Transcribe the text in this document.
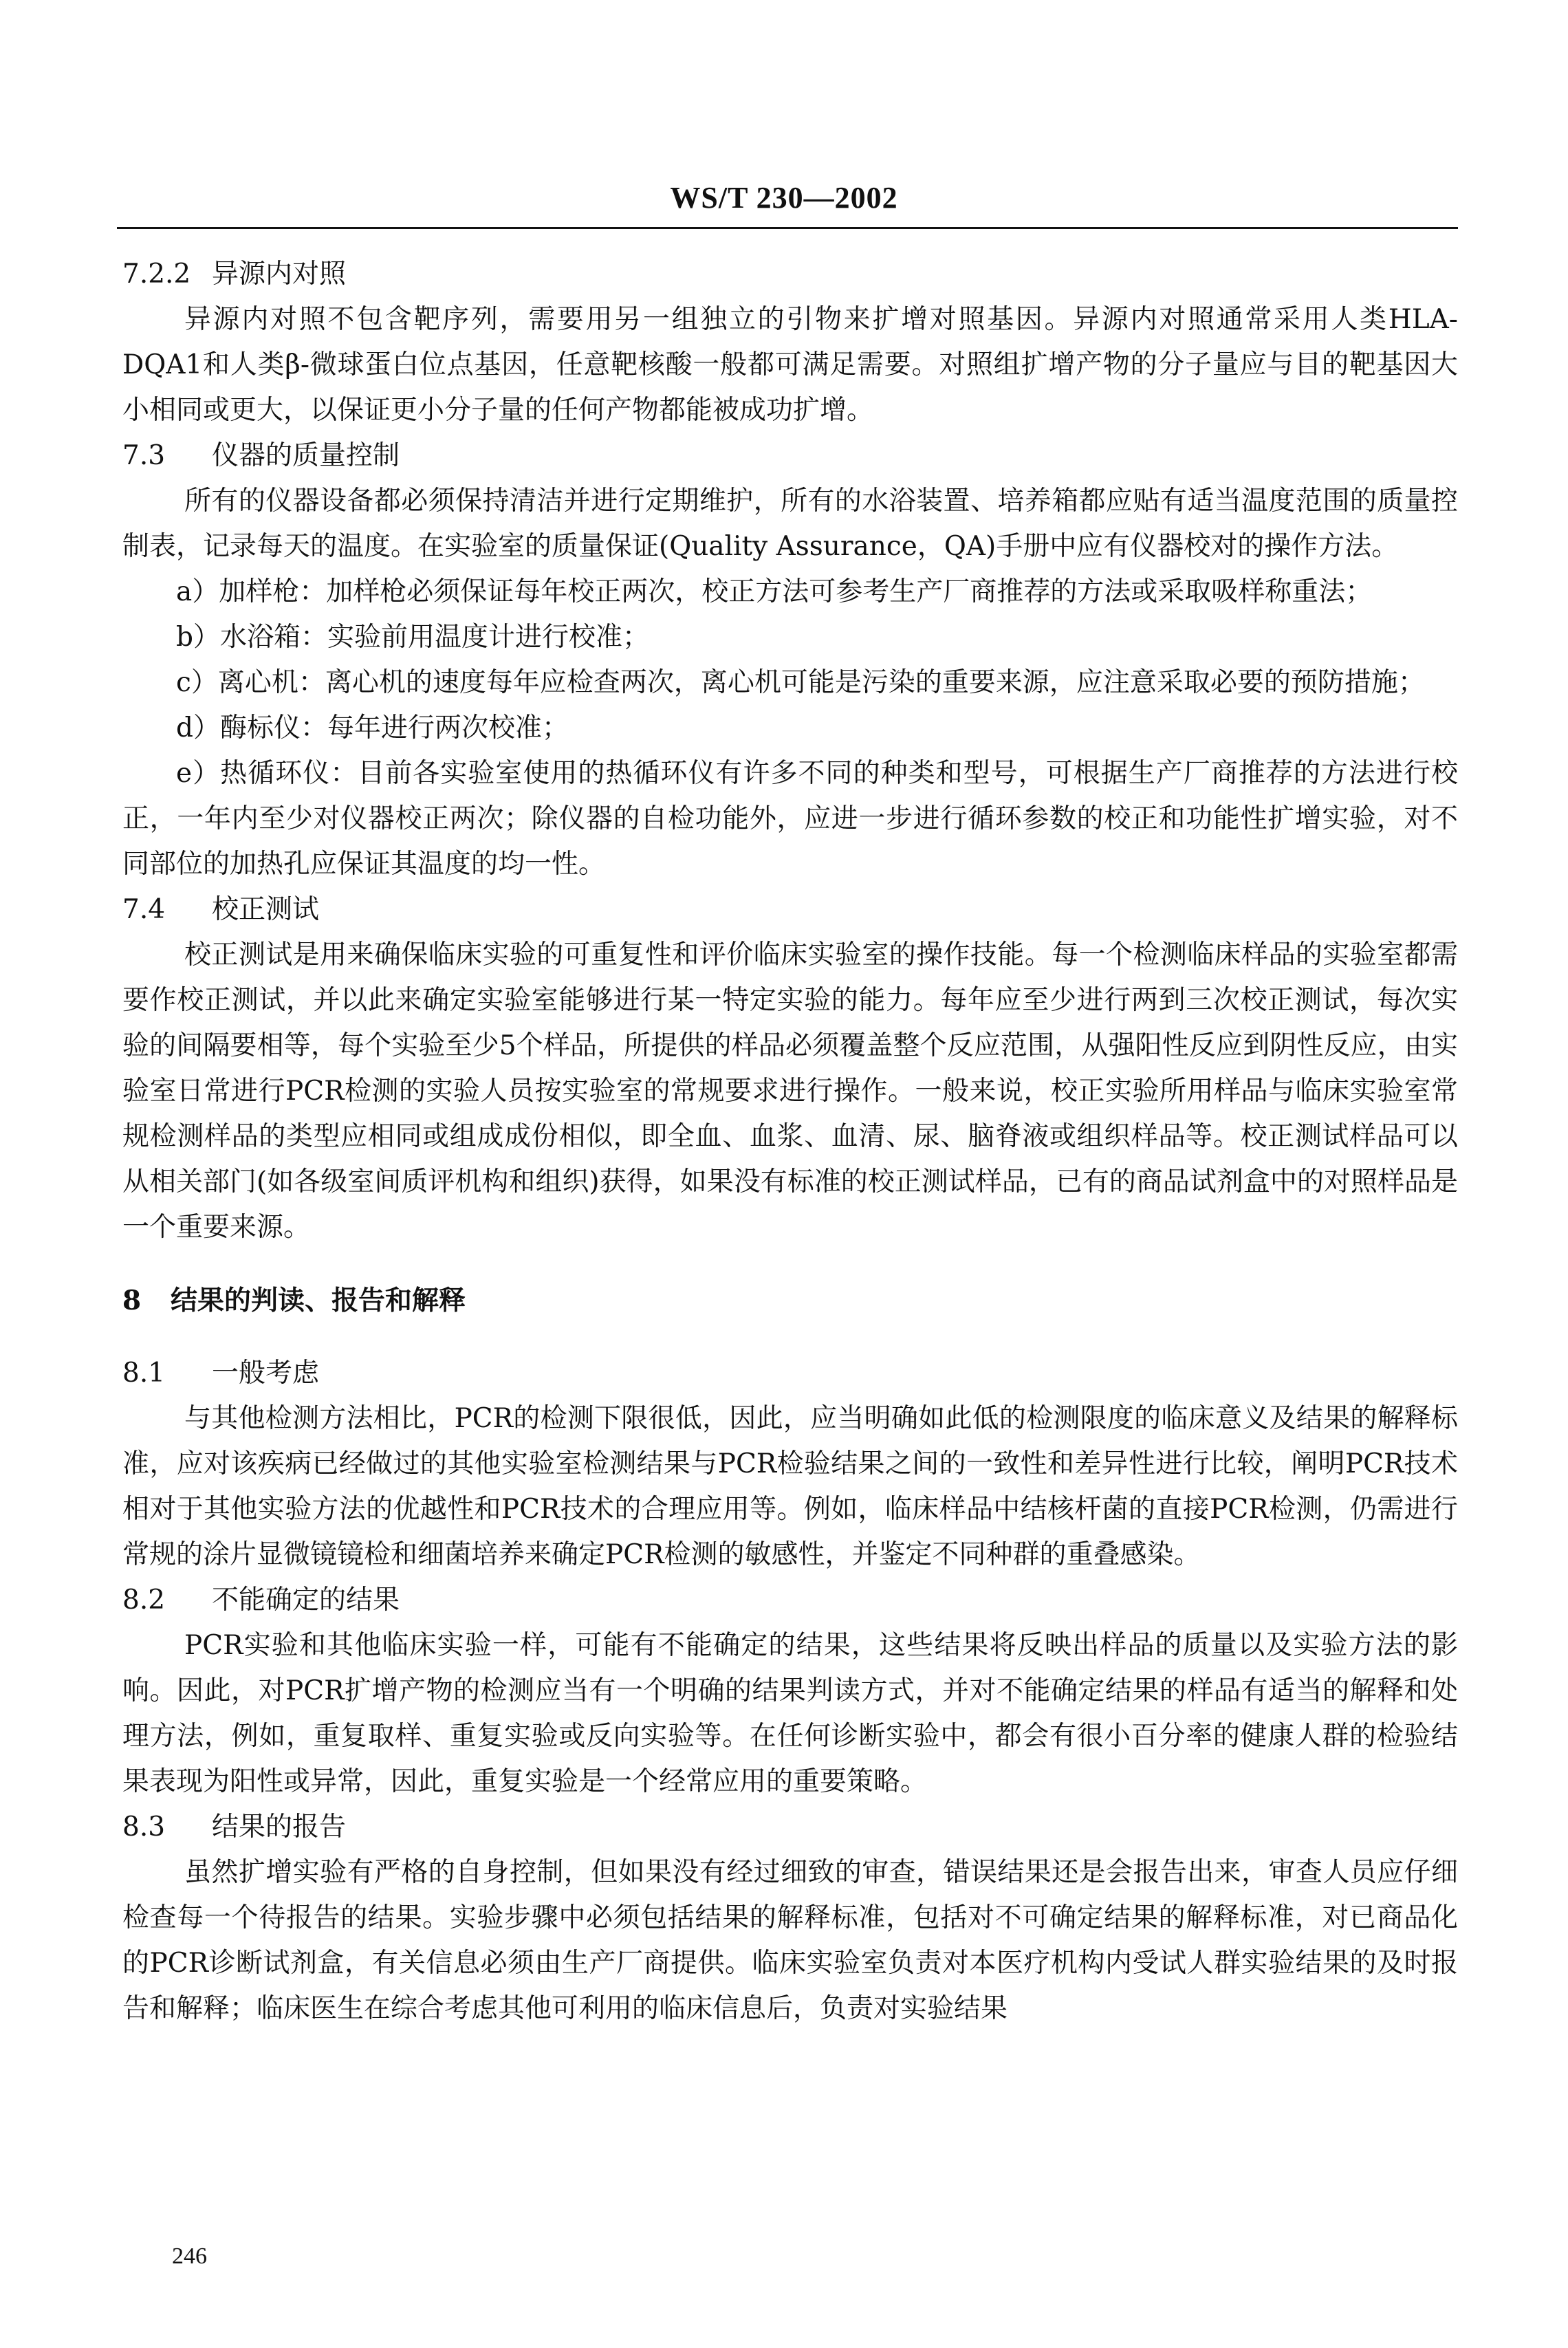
WS/T 230—2002
7.2.2 异源内对照

异源内对照不包含靶序列，需要用另一组独立的引物来扩增对照基因。异源内对照通常采用人类HLA-DQA1和人类β-微球蛋白位点基因，任意靶核酸一般都可满足需要。对照组扩增产物的分子量应与目的靶基因大小相同或更大，以保证更小分子量的任何产物都能被成功扩增。

7.3 仪器的质量控制

所有的仪器设备都必须保持清洁并进行定期维护，所有的水浴装置、培养箱都应贴有适当温度范围的质量控制表，记录每天的温度。在实验室的质量保证(Quality Assurance，QA)手册中应有仪器校对的操作方法。

a）加样枪：加样枪必须保证每年校正两次，校正方法可参考生产厂商推荐的方法或采取吸样称重法；

b）水浴箱：实验前用温度计进行校准；

c）离心机：离心机的速度每年应检查两次，离心机可能是污染的重要来源，应注意采取必要的预防措施；

d）酶标仪：每年进行两次校准；

e）热循环仪：目前各实验室使用的热循环仪有许多不同的种类和型号，可根据生产厂商推荐的方法进行校正，一年内至少对仪器校正两次；除仪器的自检功能外，应进一步进行循环参数的校正和功能性扩增实验，对不同部位的加热孔应保证其温度的均一性。

7.4 校正测试

校正测试是用来确保临床实验的可重复性和评价临床实验室的操作技能。每一个检测临床样品的实验室都需要作校正测试，并以此来确定实验室能够进行某一特定实验的能力。每年应至少进行两到三次校正测试，每次实验的间隔要相等，每个实验至少5个样品，所提供的样品必须覆盖整个反应范围，从强阳性反应到阴性反应，由实验室日常进行PCR检测的实验人员按实验室的常规要求进行操作。一般来说，校正实验所用样品与临床实验室常规检测样品的类型应相同或组成成份相似，即全血、血浆、血清、尿、脑脊液或组织样品等。校正测试样品可以从相关部门(如各级室间质评机构和组织)获得，如果没有标准的校正测试样品，已有的商品试剂盒中的对照样品是一个重要来源。

8 结果的判读、报告和解释
8.1 一般考虑

与其他检测方法相比，PCR的检测下限很低，因此，应当明确如此低的检测限度的临床意义及结果的解释标准，应对该疾病已经做过的其他实验室检测结果与PCR检验结果之间的一致性和差异性进行比较，阐明PCR技术相对于其他实验方法的优越性和PCR技术的合理应用等。例如，临床样品中结核杆菌的直接PCR检测，仍需进行常规的涂片显微镜镜检和细菌培养来确定PCR检测的敏感性，并鉴定不同种群的重叠感染。

8.2 不能确定的结果

PCR实验和其他临床实验一样，可能有不能确定的结果，这些结果将反映出样品的质量以及实验方法的影响。因此，对PCR扩增产物的检测应当有一个明确的结果判读方式，并对不能确定结果的样品有适当的解释和处理方法，例如，重复取样、重复实验或反向实验等。在任何诊断实验中，都会有很小百分率的健康人群的检验结果表现为阳性或异常，因此，重复实验是一个经常应用的重要策略。

8.3 结果的报告

虽然扩增实验有严格的自身控制，但如果没有经过细致的审查，错误结果还是会报告出来，审查人员应仔细检查每一个待报告的结果。实验步骤中必须包括结果的解释标准，包括对不可确定结果的解释标准，对已商品化的PCR诊断试剂盒，有关信息必须由生产厂商提供。临床实验室负责对本医疗机构内受试人群实验结果的及时报告和解释；临床医生在综合考虑其他可利用的临床信息后，负责对实验结果

246
